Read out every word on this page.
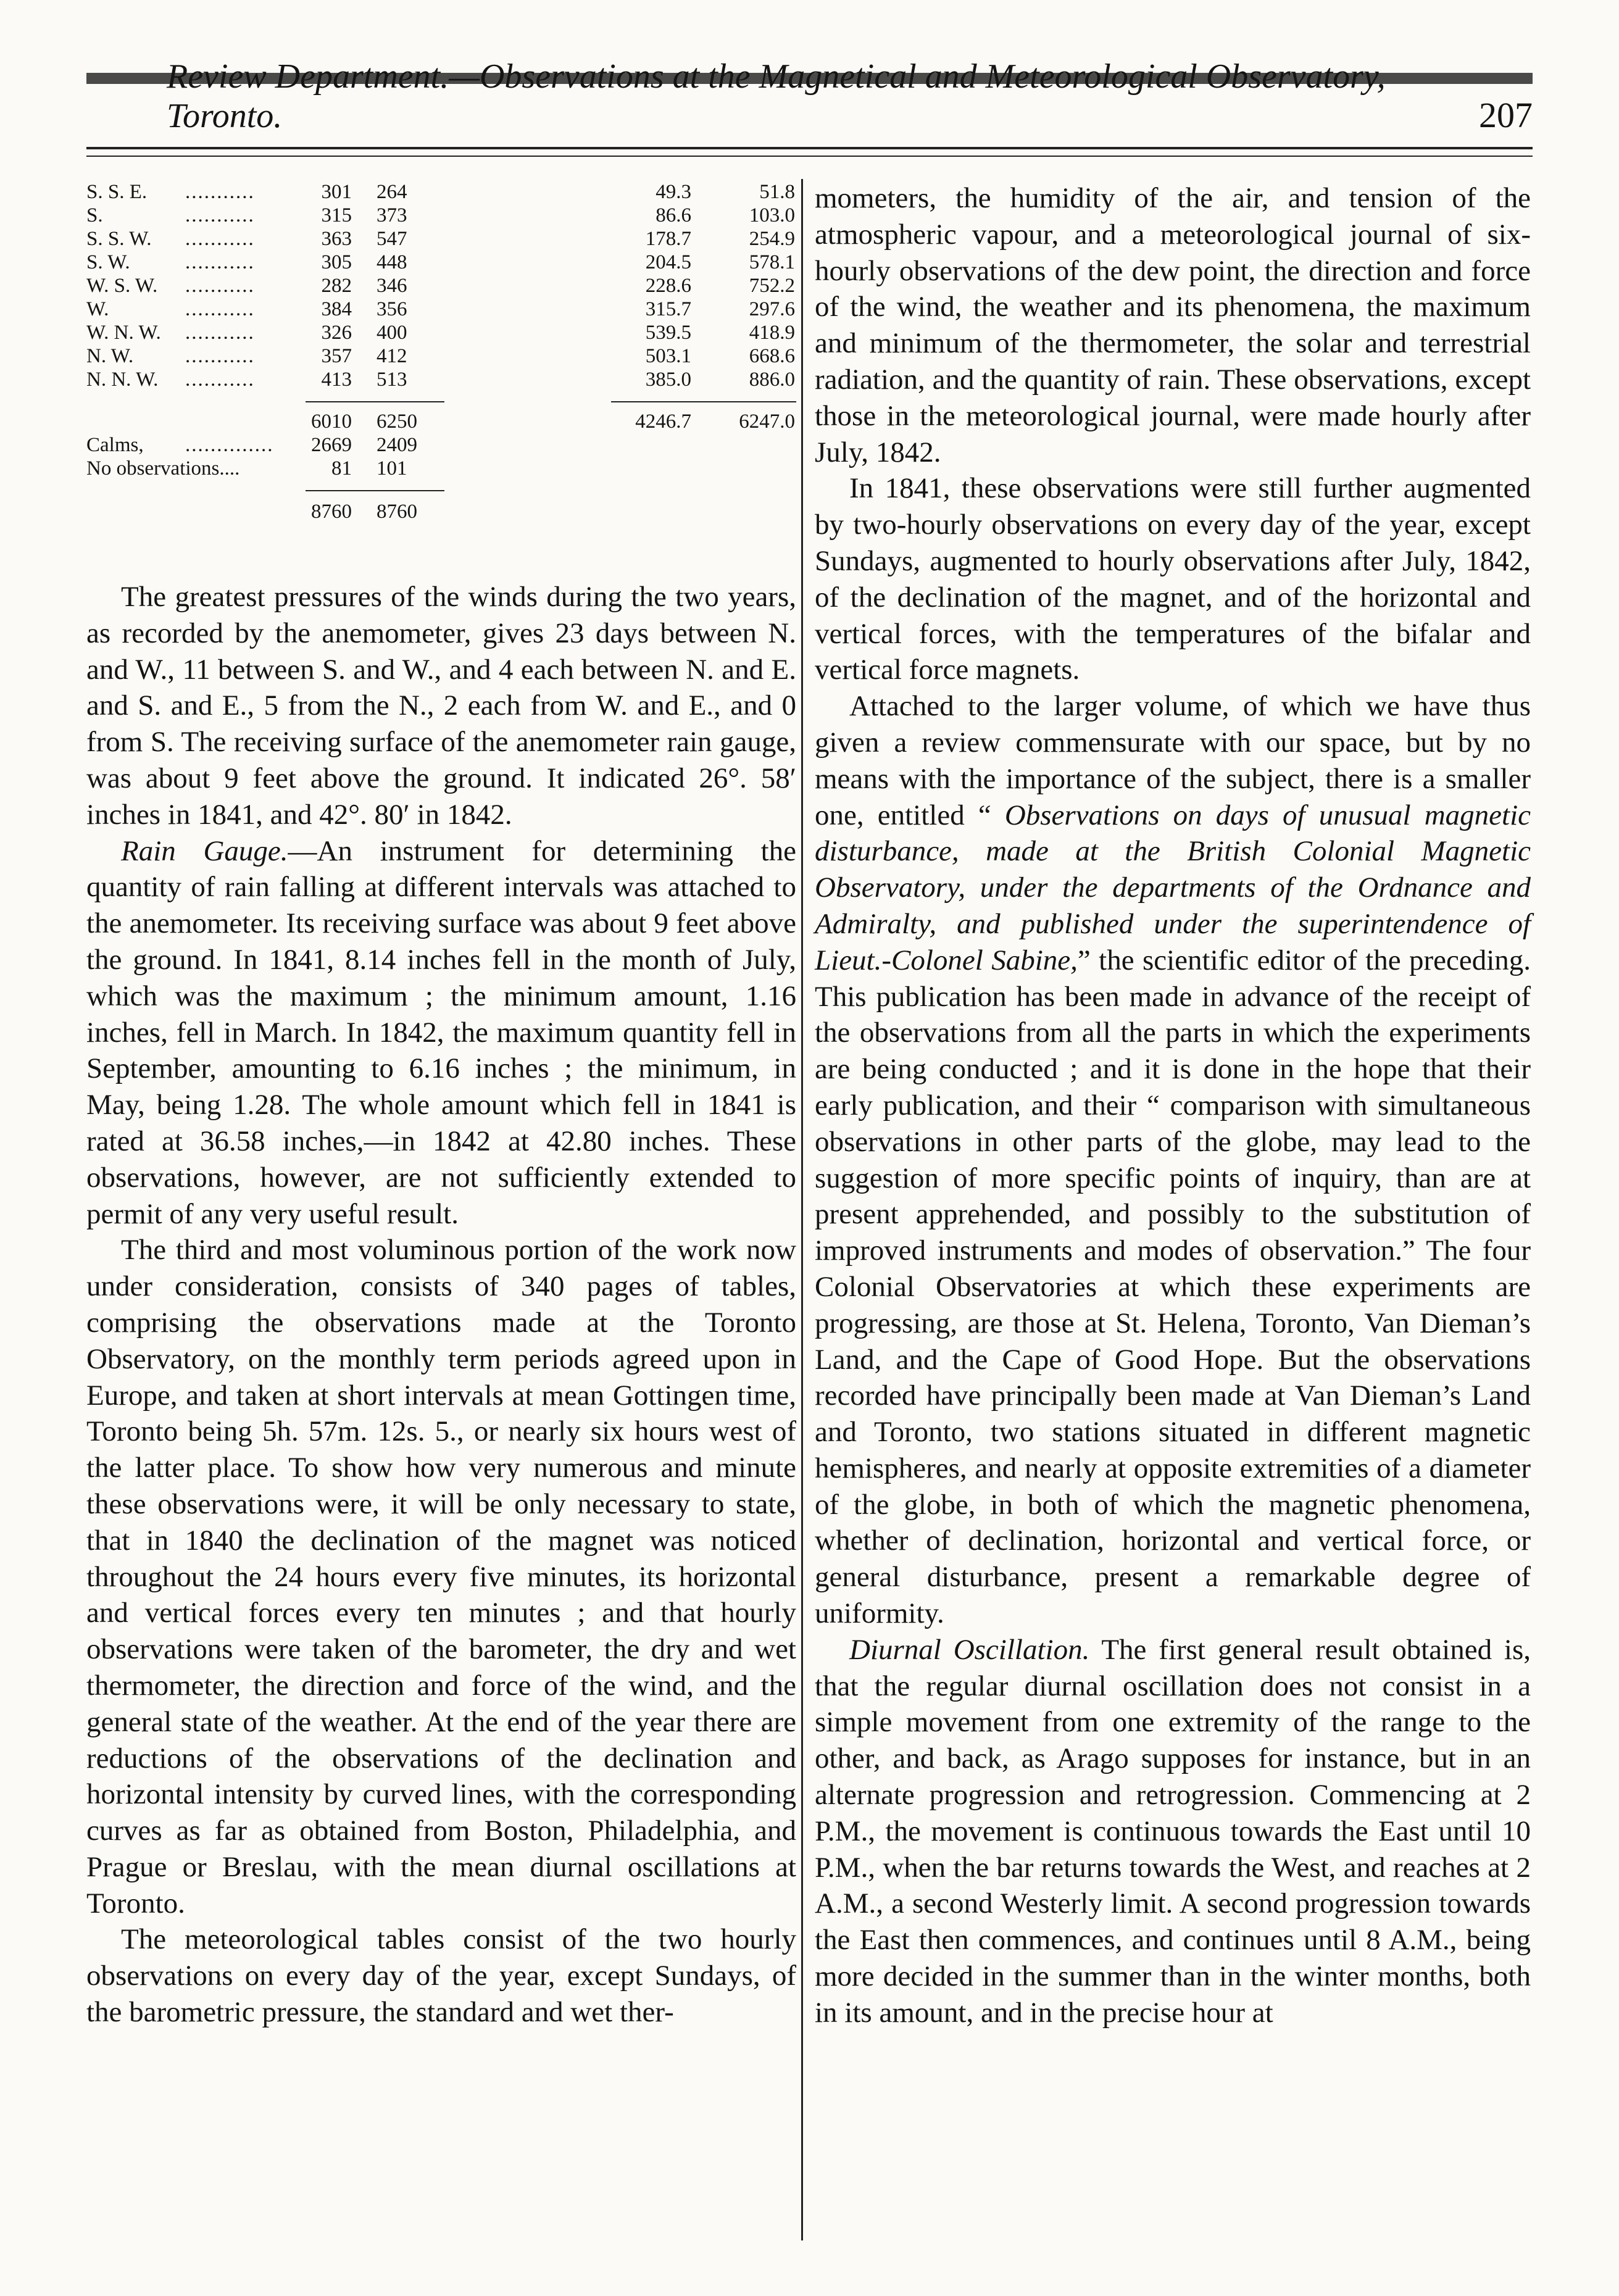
Review Department.—Observations at the Magnetical and Meteorological Observatory, Toronto.	207
S. S. E.	...........	301 264	49.3	51.8
S.	...........	315 373	86.6	103.0
S. S. W.	...........	363 547	178.7	254.9
S. W.	...........	305 448	204.5	578.1
W. S. W.	...........	282 346	228.6	752.2
W.	...........	384 356	315.7	297.6
W. N. W.	...........	326 400	539.5	418.9
N. W.	...........	357 412	503.1	668.6
N. N. W.	...........	413 513	385.0	886.0
6010 6250	4246.7 6247.0
Calms,	..............	2669 2409
No observations....	81 101
8760 8760

The greatest pressures of the winds during the two years, as recorded by the anemometer, gives 23 days between N. and W., 11 between S. and W., and 4 each between N. and E. and S. and E., 5 from the N., 2 each from W. and E., and 0 from S. The receiving surface of the anemometer rain gauge, was about 9 feet above the ground. It indicated 26°. 58′ inches in 1841, and 42°. 80′ in 1842.

Rain Gauge.—An instrument for determining the quantity of rain falling at different intervals was attached to the anemometer. Its receiving surface was about 9 feet above the ground. In 1841, 8.14 inches fell in the month of July, which was the maximum ; the minimum amount, 1.16 inches, fell in March. In 1842, the maximum quantity fell in September, amounting to 6.16 inches ; the minimum, in May, being 1.28. The whole amount which fell in 1841 is rated at 36.58 inches,—in 1842 at 42.80 inches. These observations, however, are not sufficiently extended to permit of any very useful result.

The third and most voluminous portion of the work now under consideration, consists of 340 pages of tables, comprising the observations made at the Toronto Observatory, on the monthly term periods agreed upon in Europe, and taken at short intervals at mean Gottingen time, Toronto being 5h. 57m. 12s. 5., or nearly six hours west of the latter place. To show how very numerous and minute these observations were, it will be only necessary to state, that in 1840 the declination of the magnet was noticed throughout the 24 hours every five minutes, its horizontal and vertical forces every ten minutes ; and that hourly observations were taken of the barometer, the dry and wet thermometer, the direction and force of the wind, and the general state of the weather. At the end of the year there are reductions of the observations of the declination and horizontal intensity by curved lines, with the corresponding curves as far as obtained from Boston, Philadelphia, and Prague or Breslau, with the mean diurnal oscillations at Toronto.

The meteorological tables consist of the two hourly observations on every day of the year, except Sundays, of the barometric pressure, the standard and wet ther-

mometers, the humidity of the air, and tension of the atmospheric vapour, and a meteorological journal of six-hourly observations of the dew point, the direction and force of the wind, the weather and its phenomena, the maximum and minimum of the thermometer, the solar and terrestrial radiation, and the quantity of rain. These observations, except those in the meteorological journal, were made hourly after July, 1842.

In 1841, these observations were still further augmented by two-hourly observations on every day of the year, except Sundays, augmented to hourly observations after July, 1842, of the declination of the magnet, and of the horizontal and vertical forces, with the temperatures of the bifalar and vertical force magnets.

Attached to the larger volume, of which we have thus given a review commensurate with our space, but by no means with the importance of the subject, there is a smaller one, entitled “ Observations on days of unusual magnetic disturbance, made at the British Colonial Magnetic Observatory, under the departments of the Ordnance and Admiralty, and published under the superintendence of Lieut.-Colonel Sabine,” the scientific editor of the preceding. This publication has been made in advance of the receipt of the observations from all the parts in which the experiments are being conducted ; and it is done in the hope that their early publication, and their “ comparison with simultaneous observations in other parts of the globe, may lead to the suggestion of more specific points of inquiry, than are at present apprehended, and possibly to the substitution of improved instruments and modes of observation.” The four Colonial Observatories at which these experiments are progressing, are those at St. Helena, Toronto, Van Dieman’s Land, and the Cape of Good Hope. But the observations recorded have principally been made at Van Dieman’s Land and Toronto, two stations situated in different magnetic hemispheres, and nearly at opposite extremities of a diameter of the globe, in both of which the magnetic phenomena, whether of declination, horizontal and vertical force, or general disturbance, present a remarkable degree of uniformity.

Diurnal Oscillation. The first general result obtained is, that the regular diurnal oscillation does not consist in a simple movement from one extremity of the range to the other, and back, as Arago supposes for instance, but in an alternate progression and retrogression. Commencing at 2 P.M., the movement is continuous towards the East until 10 P.M., when the bar returns towards the West, and reaches at 2 A.M., a second Westerly limit. A second progression towards the East then commences, and continues until 8 A.M., being more decided in the summer than in the winter months, both in its amount, and in the precise hour at
